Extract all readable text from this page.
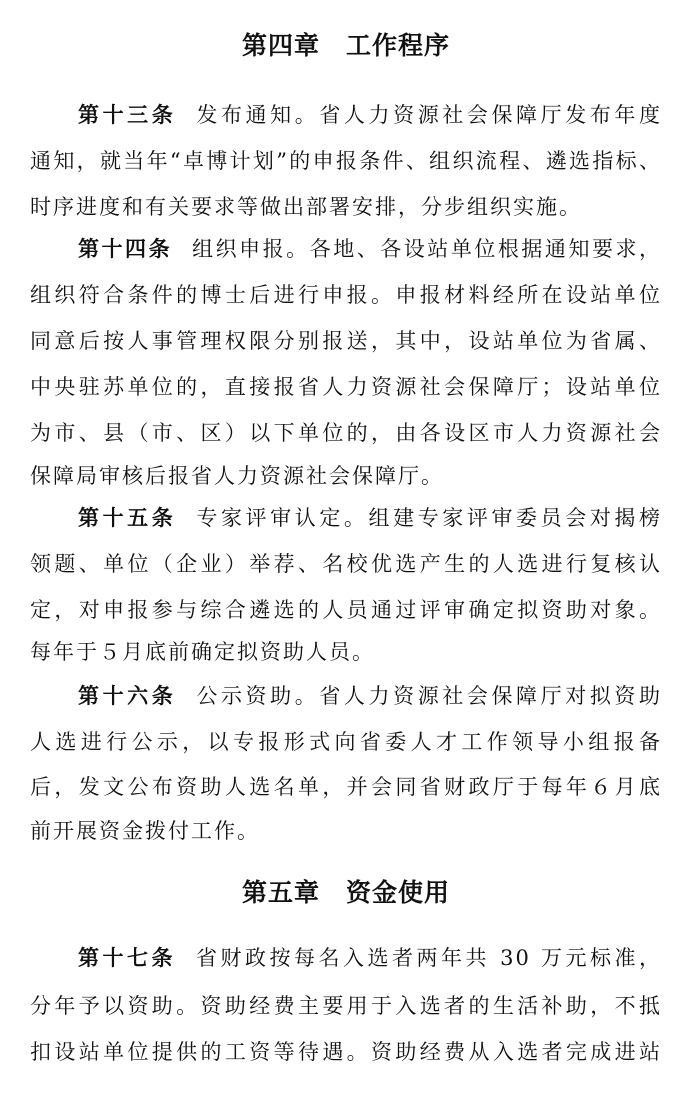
第四章　工作程序
第十三条 发布通知。省人力资源社会保障厅发布年度
通知，就当年“卓博计划”的申报条件、组织流程、遴选指标、
时序进度和有关要求等做出部署安排，分步组织实施。
第十四条 组织申报。各地、各设站单位根据通知要求，
组织符合条件的博士后进行申报。申报材料经所在设站单位
同意后按人事管理权限分别报送，其中，设站单位为省属、
中央驻苏单位的，直接报省人力资源社会保障厅；设站单位
为市、县（市、区）以下单位的，由各设区市人力资源社会
保障局审核后报省人力资源社会保障厅。
第十五条 专家评审认定。组建专家评审委员会对揭榜
领题、单位（企业）举荐、名校优选产生的人选进行复核认
定，对申报参与综合遴选的人员通过评审确定拟资助对象。
每年于５月底前确定拟资助人员。
第十六条 公示资助。省人力资源社会保障厅对拟资助
人选进行公示，以专报形式向省委人才工作领导小组报备
后，发文公布资助人选名单，并会同省财政厅于每年６月底
前开展资金拨付工作。
第五章　资金使用
第十七条 省财政按每名入选者两年共 30 万元标准，
分年予以资助。资助经费主要用于入选者的生活补助，不抵
扣设站单位提供的工资等待遇。资助经费从入选者完成进站
